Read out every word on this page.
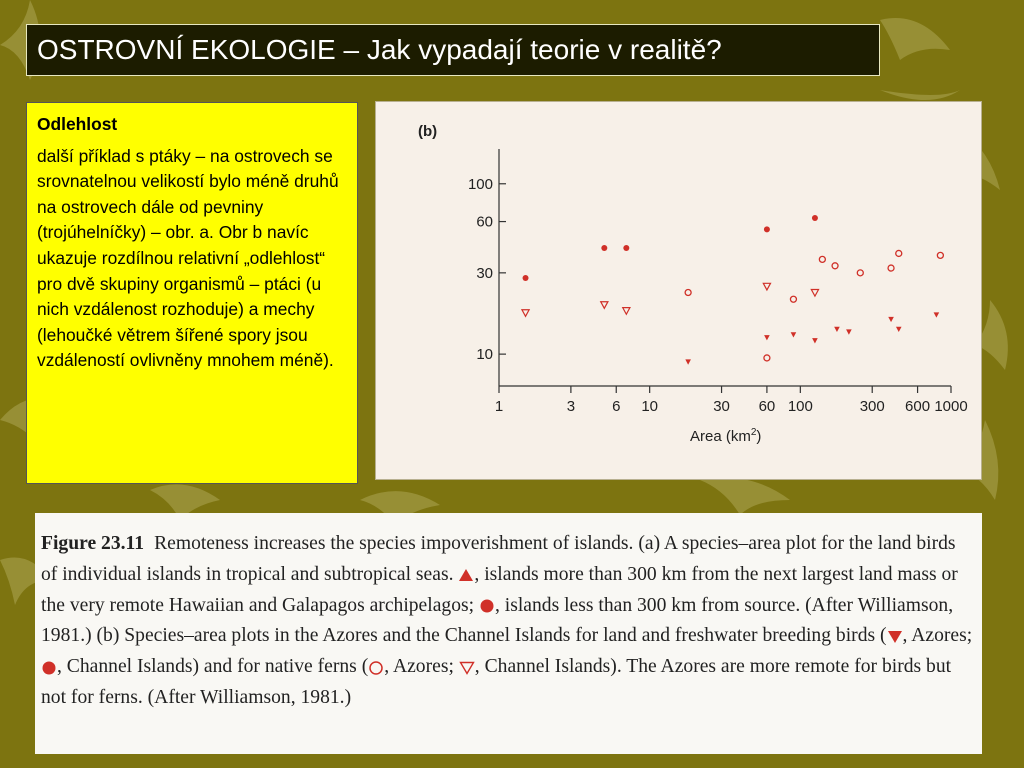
OSTROVNÍ EKOLOGIE – Jak vypadají teorie v realitě?
Odlehlost
další příklad s ptáky – na ostrovech se srovnatelnou velikostí bylo méně druhů na ostrovech dále od pevniny (trojúhelníčky) – obr. a. Obr b navíc ukazuje rozdílnou relativní „odlehlost“ pro dvě skupiny organismů – ptáci (u nich vzdálenost rozhoduje) a mechy (lehoučké větrem šířené spory jsou vzdáleností ovlivněny mnohem méně).
(b)
1	3 6 10	30 60 100	300 600 1000
10
30
60
100
Area $(km^2)$
Figure 23.11 Remoteness increases the species impoverishment of islands. (a) A species–area plot for the land birds of individual islands in tropical and subtropical seas. , islands more than 300 km from the next largest land mass or the very remote Hawaiian and Galapagos archipelagos; , islands less than 300 km from source. (After Williamson, 1981.) (b) Species–area plots in the Azores and the Channel Islands for land and freshwater breeding birds ( , Azores; , Channel Islands) and for native ferns ( , Azores; , Channel Islands). The Azores are more remote for birds but not for ferns. (After Williamson, 1981.)
